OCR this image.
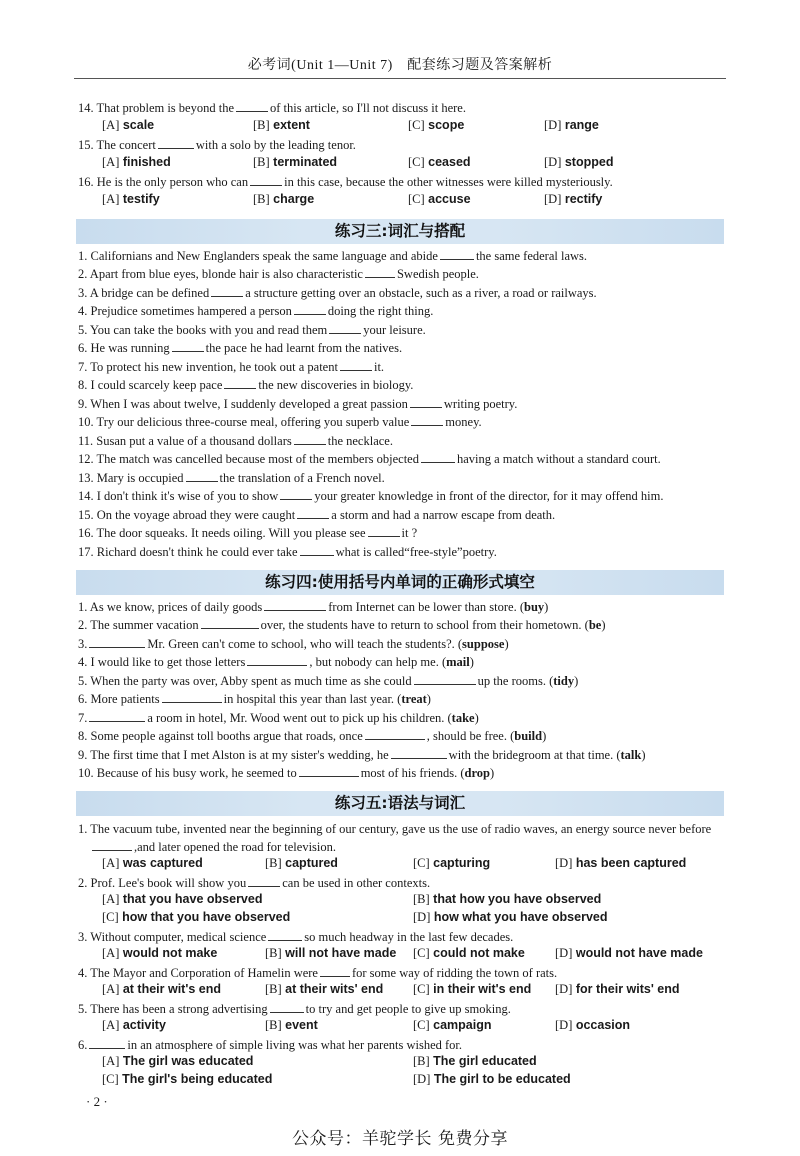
必考词(Unit 1—Unit 7)　配套练习题及答案解析
14. That problem is beyond the	of this article, so I'll not discuss it here.
[A] scale	[B] extent	[C] scope	[D] range
15. The concert	with a solo by the leading tenor.
[A] finished	[B] terminated	[C] ceased	[D] stopped
16. He is the only person who can	in this case, because the other witnesses were killed mysteriously.
[A] testify	[B] charge	[C] accuse	[D] rectify
练习三:词汇与搭配
1. Californians and New Englanders speak the same language and abide	the same federal laws.
2. Apart from blue eyes, blonde hair is also characteristic	Swedish people.
3. A bridge can be defined	a structure getting over an obstacle, such as a river, a road or railways.
4. Prejudice sometimes hampered a person	doing the right thing.
5. You can take the books with you and read them	your leisure.
6. He was running	the pace he had learnt from the natives.
7. To protect his new invention, he took out a patent	it.
8. I could scarcely keep pace	the new discoveries in biology.
9. When I was about twelve, I suddenly developed a great passion	writing poetry.
10. Try our delicious three-course meal, offering you superb value	money.
11. Susan put a value of a thousand dollars	the necklace.
12. The match was cancelled because most of the members objected	having a match without a standard court.
13. Mary is occupied	the translation of a French novel.
14. I don't think it's wise of you to show	your greater knowledge in front of the director, for it may offend him.
15. On the voyage abroad they were caught	a storm and had a narrow escape from death.
16. The door squeaks. It needs oiling. Will you please see	it ?
17. Richard doesn't think he could ever take	what is called“free-style”poetry.
练习四:使用括号内单词的正确形式填空
1. As we know, prices of daily goods	from Internet can be lower than store. (buy)
2. The summer vacation	over, the students have to return to school from their hometown. (be)
3.	Mr. Green can't come to school, who will teach the students?. (suppose)
4. I would like to get those letters	, but nobody can help me. (mail)
5. When the party was over, Abby spent as much time as she could	up the rooms. (tidy)
6. More patients	in hospital this year than last year. (treat)
7.	a room in hotel, Mr. Wood went out to pick up his children. (take)
8. Some people against toll booths argue that roads, once	, should be free. (build)
9. The first time that I met Alston is at my sister's wedding, he	with the bridegroom at that time. (talk)
10. Because of his busy work, he seemed to	most of his friends. (drop)
练习五:语法与词汇
1. The vacuum tube, invented near the beginning of our century, gave us the use of radio waves, an energy source never before
,and later opened the road for television.
[A] was captured	[B] captured	[C] capturing	[D] has been captured
2. Prof. Lee's book will show you	can be used in other contexts.
[A] that you have observed	[B] that how you have observed
[C] how that you have observed	[D] how what you have observed
3. Without computer, medical science	so much headway in the last few decades.
[A] would not make	[B] will not have made [C] could not make [D] would not have made
4. The Mayor and Corporation of Hamelin were	for some way of ridding the town of rats.
[A] at their wit's end	[B] at their wits' end [C] in their wit's end [D] for their wits' end
5. There has been a strong advertising	to try and get people to give up smoking.
[A] activity	[B] event	[C] campaign	[D] occasion
6.	in an atmosphere of simple living was what her parents wished for.
[A] The girl was educated	[B] The girl educated
[C] The girl's being educated	[D] The girl to be educated
· 2 ·
公众号：羊驼学长 免费分享
